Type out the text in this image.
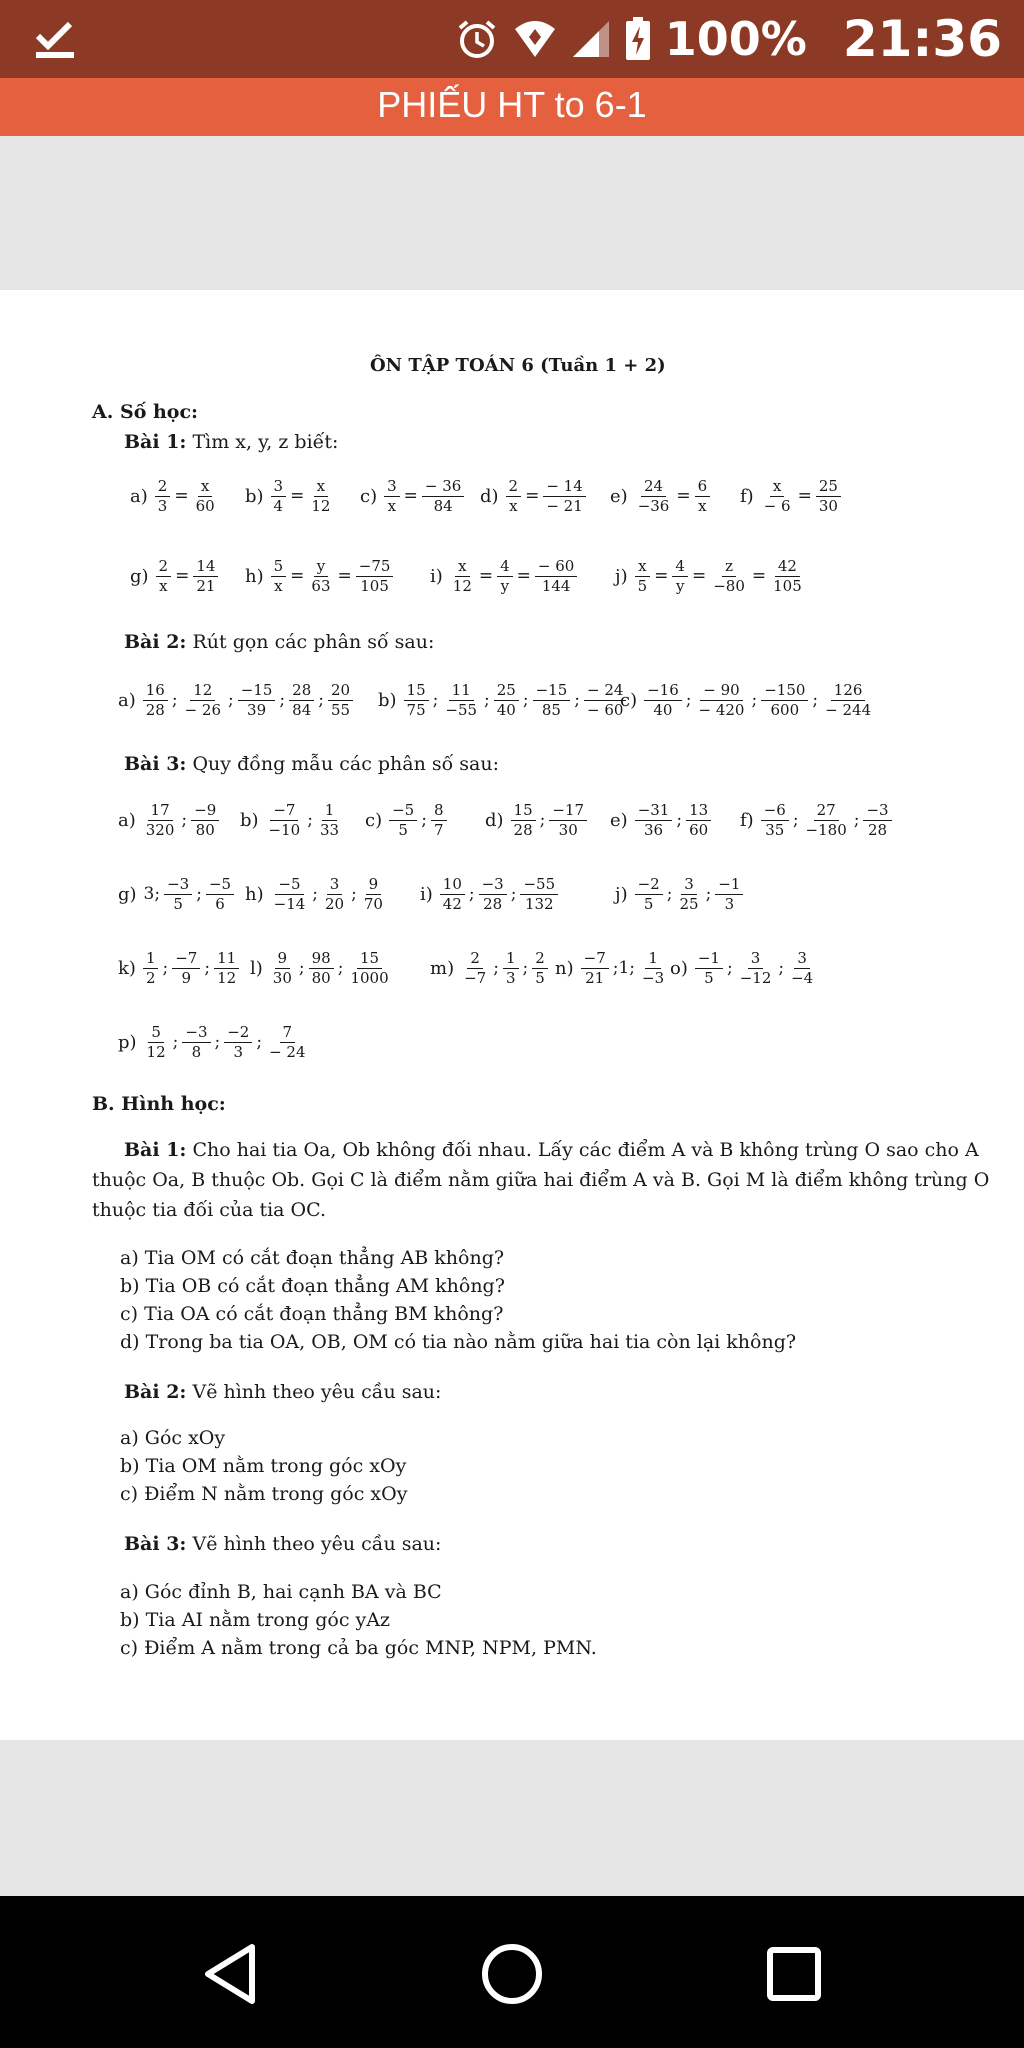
100% 21:36
PHIẾU HT to 6-1
ÔN TẬP TOÁN 6 (Tuần 1 + 2)
A. Số học:
Bài 1: Tìm x, y, z biết:
$a) \frac{2}{3} = \frac{x}{60} b) \frac{3}{4} = \frac{x}{12} c) \frac{3}{x} = \frac{- 36}{84} d) \frac{2}{x} = \frac{- 14}{- 21} e) \frac{24}{-36} = \frac{6}{x} f) \frac{x}{- 6} = \frac{25}{30}$
$g) \frac{2}{x} = \frac{14}{21} h) \frac{5}{x} = \frac{y}{63} = \frac{-75}{105} i) \frac{x}{12} = \frac{4}{y} = \frac{- 60}{144} j) \frac{x}{5} = \frac{4}{y} = \frac{z}{-80} = \frac{42}{105}$
Bài 2: Rút gọn các phân số sau:
$a) \frac{16}{28}$ ; $\frac{12}{- 26}$ ; $\frac{-15}{39}$ ; $\frac{28}{84}$ ; $\frac{20}{55} b) \frac{15}{75}$ ; $\frac{11}{-55}$ ; $\frac{25}{40}$ ; $\frac{-15}{85}$ ; $\frac{- 24}{- 60}$
$c) \frac{-16}{40}$ ; $\frac{- 90}{- 420}$ ; $\frac{-150}{600}$ ; $\frac{126}{- 244}$
Bài 3: Quy đồng mẫu các phân số sau:
$a) \frac{17}{320}$ ; $\frac{-9}{80} b) \frac{-7}{-10}$ ; $\frac{1}{33} c) \frac{-5}{5}$ ; $\frac{8}{7} d) \frac{15}{28}$ ; $\frac{-17}{30} e) \frac{-31}{36}$ ; $\frac{13}{60} f) \frac{-6}{35}$ ; $\frac{27}{-180}$ ; $\frac{-3}{28}$
g) 3; $\frac{-3}{5}$ ; $\frac{-5}{6} h) \frac{-5}{-14}$ ; $\frac{3}{20}$ ; $\frac{9}{70} i) \frac{10}{42}$ ; $\frac{-3}{28}$ ; $\frac{-55}{132}$	$j) \frac{-2}{5}$ ; $\frac{3}{25}$ ; $\frac{-1}{3}$
$k) \frac{1}{2}$ ; $\frac{-7}{9}$ ; $\frac{11}{12} l) \frac{9}{30}$ ; $\frac{98}{80}$ ; $\frac{15}{1000} m) \frac{2}{-7}$ ; $\frac{1}{3}$ ; $\frac{2}{5} n) \frac{-7}{21}$ ;1; $\frac{1}{-3} o) \frac{-1}{5}$ ; $\frac{3}{-12}$ ; $\frac{3}{-4}$
$p) \frac{5}{12}$ ; $\frac{-3}{8}$ ; $\frac{-2}{3}$ ; $\frac{7}{- 24}$
B. Hình học:
Bài 1: Cho hai tia Oa, Ob không đối nhau. Lấy các điểm A và B không trùng O sao cho A
thuộc Oa, B thuộc Ob. Gọi C là điểm nằm giữa hai điểm A và B. Gọi M là điểm không trùng O
thuộc tia đối của tia OC.
a) Tia OM có cắt đoạn thẳng AB không?
b) Tia OB có cắt đoạn thẳng AM không?
c) Tia OA có cắt đoạn thẳng BM không?
d) Trong ba tia OA, OB, OM có tia nào nằm giữa hai tia còn lại không?
Bài 2: Vẽ hình theo yêu cầu sau:
a) Góc xOy
b) Tia OM nằm trong góc xOy
c) Điểm N nằm trong góc xOy
Bài 3: Vẽ hình theo yêu cầu sau:
a) Góc đỉnh B, hai cạnh BA và BC
b) Tia AI nằm trong góc yAz
c) Điểm A nằm trong cả ba góc MNP, NPM, PMN.
